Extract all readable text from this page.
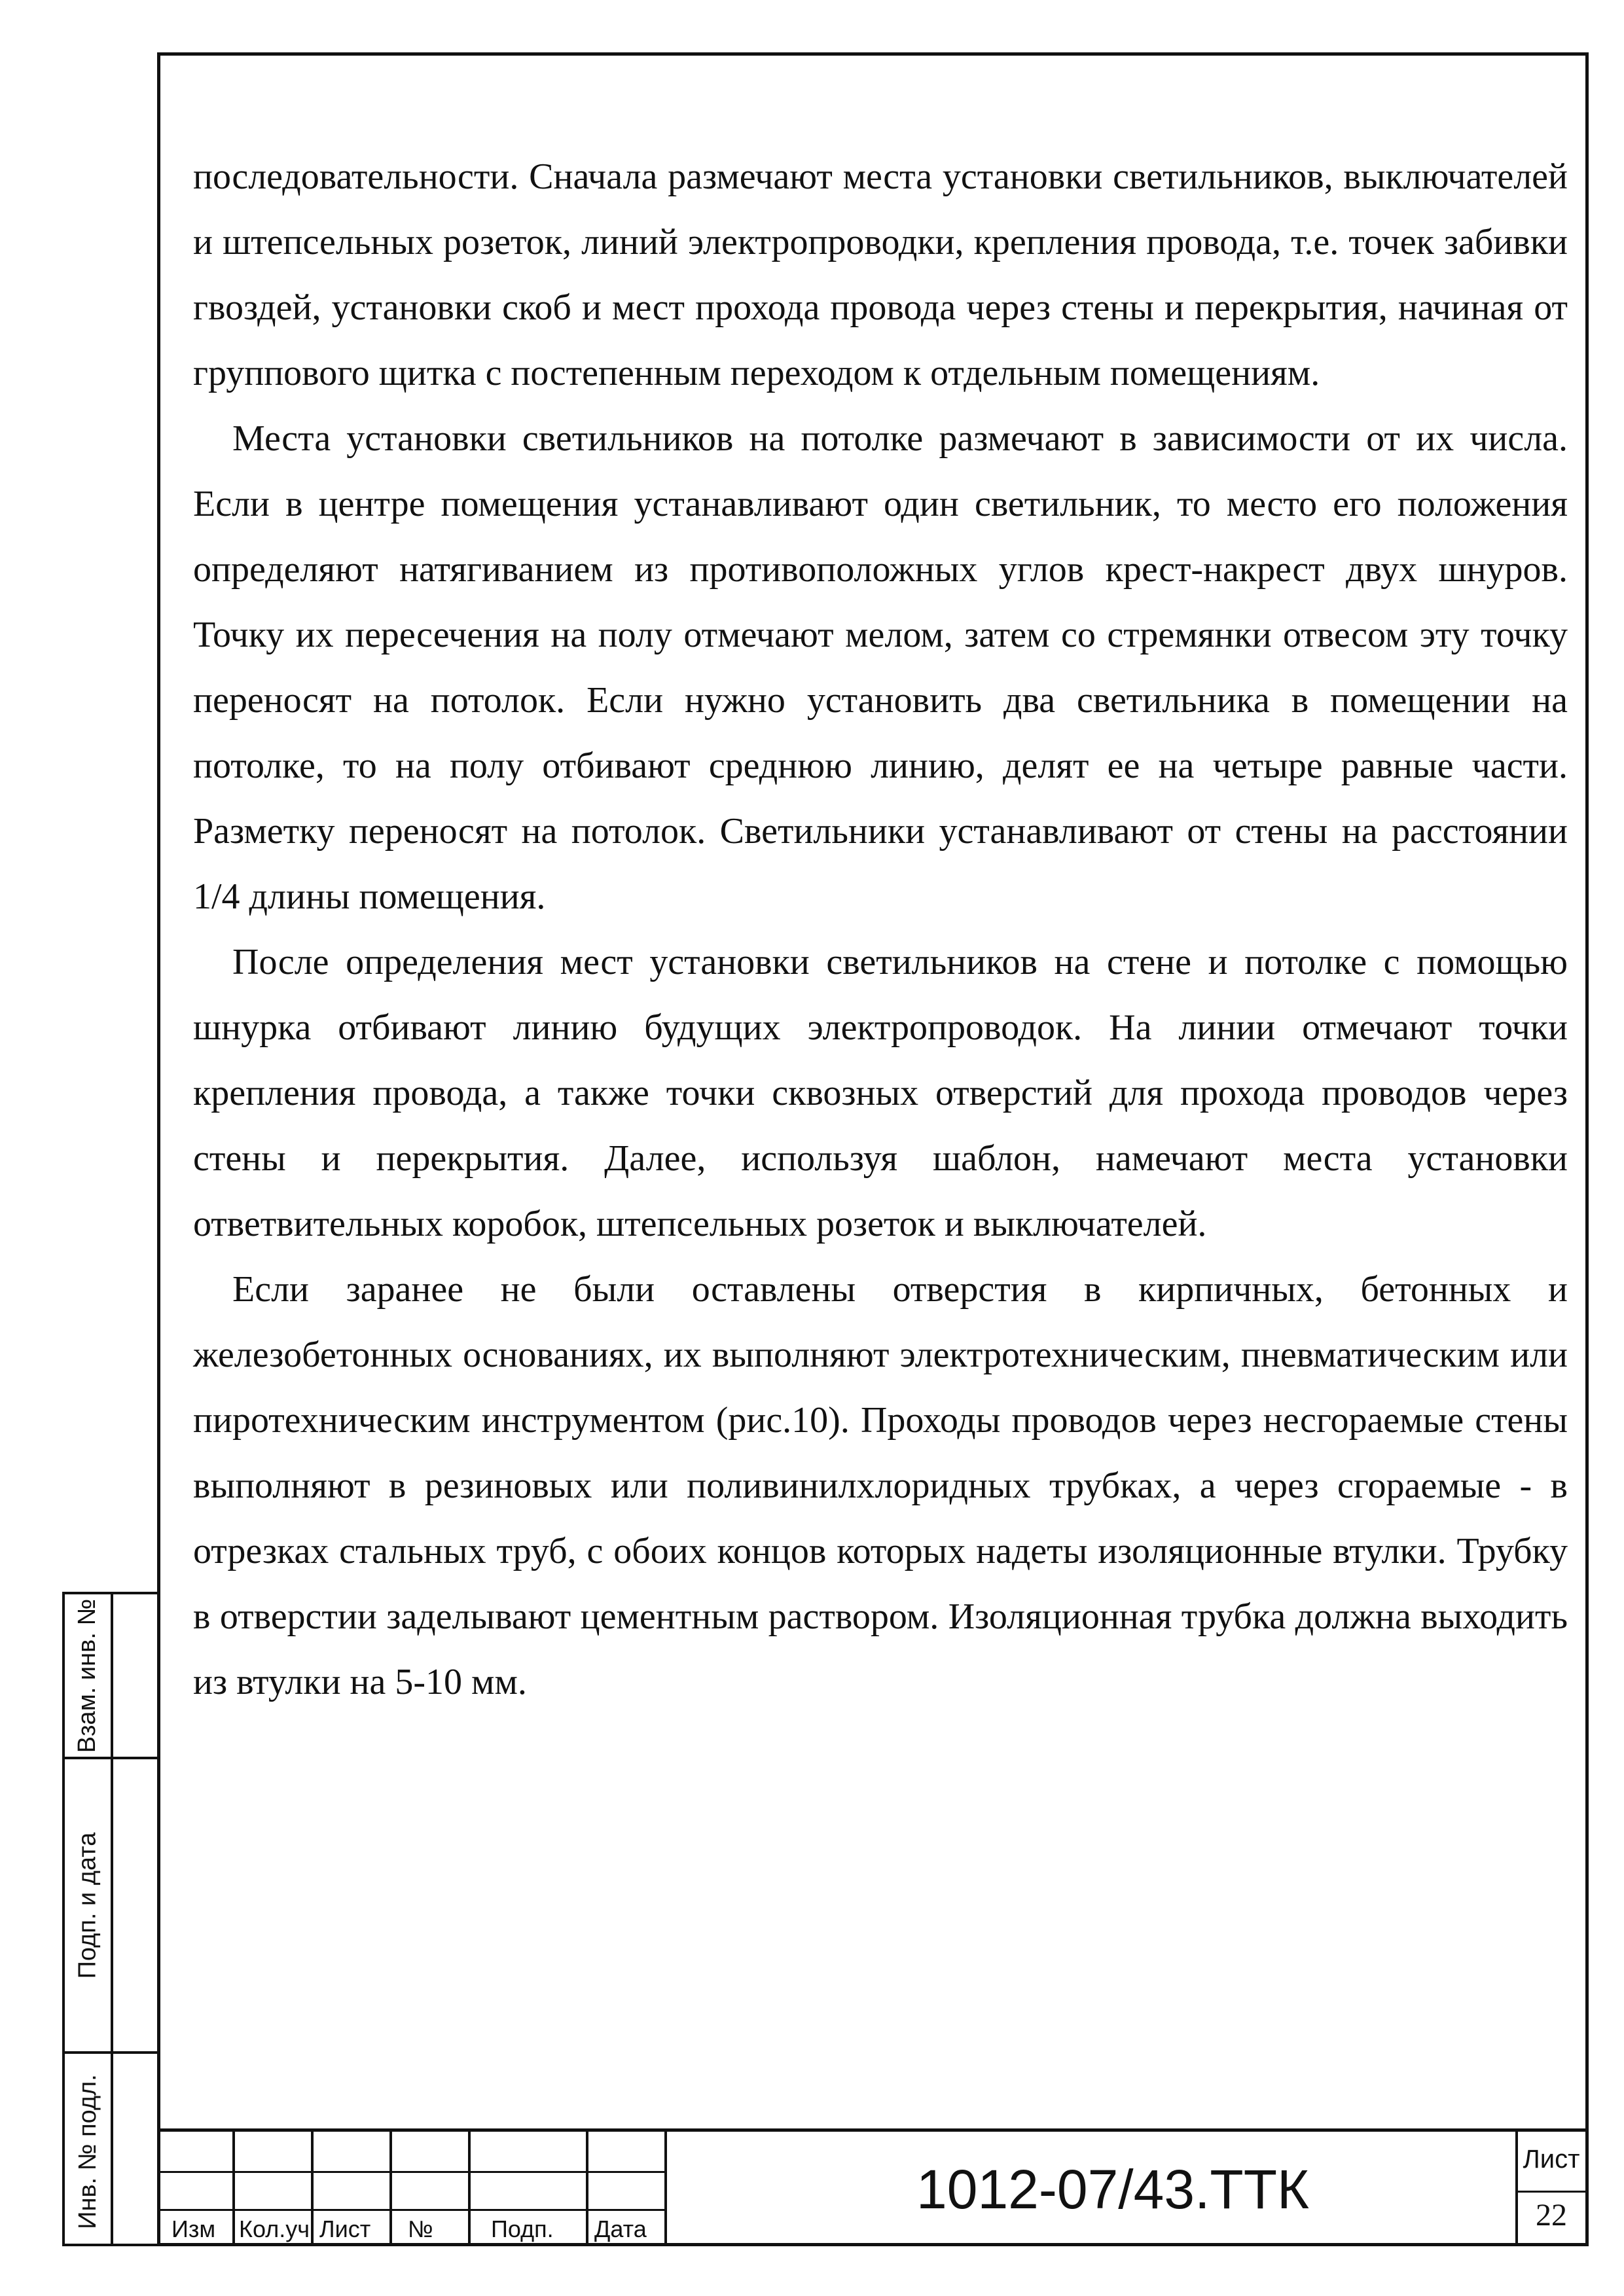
последовательности. Сначала размечают места установки светильников, выключателей и штепсельных розеток, линий электропроводки, крепления провода, т.е. точек забивки гвоздей, установки скоб и мест прохода провода через стены и перекрытия, начиная от группового щитка с постепенным переходом к отдельным помещениям.

Места установки светильников на потолке размечают в зависимости от их числа. Если в центре помещения устанавливают один светильник, то место его положения определяют натягиванием из противоположных углов крест-накрест двух шнуров. Точку их пересечения на полу отмечают мелом, затем со стремянки отвесом эту точку переносят на потолок. Если нужно установить два светильника в помещении на потолке, то на полу отбивают среднюю линию, делят ее на четыре равные части. Разметку переносят на потолок. Светильники устанавливают от стены на расстоянии 1/4 длины помещения.

После определения мест установки светильников на стене и потолке с помощью шнурка отбивают линию будущих электропроводок. На линии отмечают точки крепления провода, а также точки сквозных отверстий для прохода проводов через стены и перекрытия. Далее, используя шаблон, намечают места установки ответвительных коробок, штепсельных розеток и выключателей.

Если заранее не были оставлены отверстия в кирпичных, бетонных и железобетонных основаниях, их выполняют электротехническим, пневматическим или пиротехническим инструментом (рис.10). Проходы проводов через несгораемые стены выполняют в резиновых или поливинилхлоридных трубках, а через сгораемые - в отрезках стальных труб, с обоих концов которых надеты изоляционные втулки. Трубку в отверстии заделывают цементным раствором. Изоляционная трубка должна выходить из втулки на 5-10 мм.

Взам. инв. №
Подп. и дата
Инв. № подл.
Изм Кол.уч Лист № Подп. Дата
1012-07/43.ТТК	Лист
22
